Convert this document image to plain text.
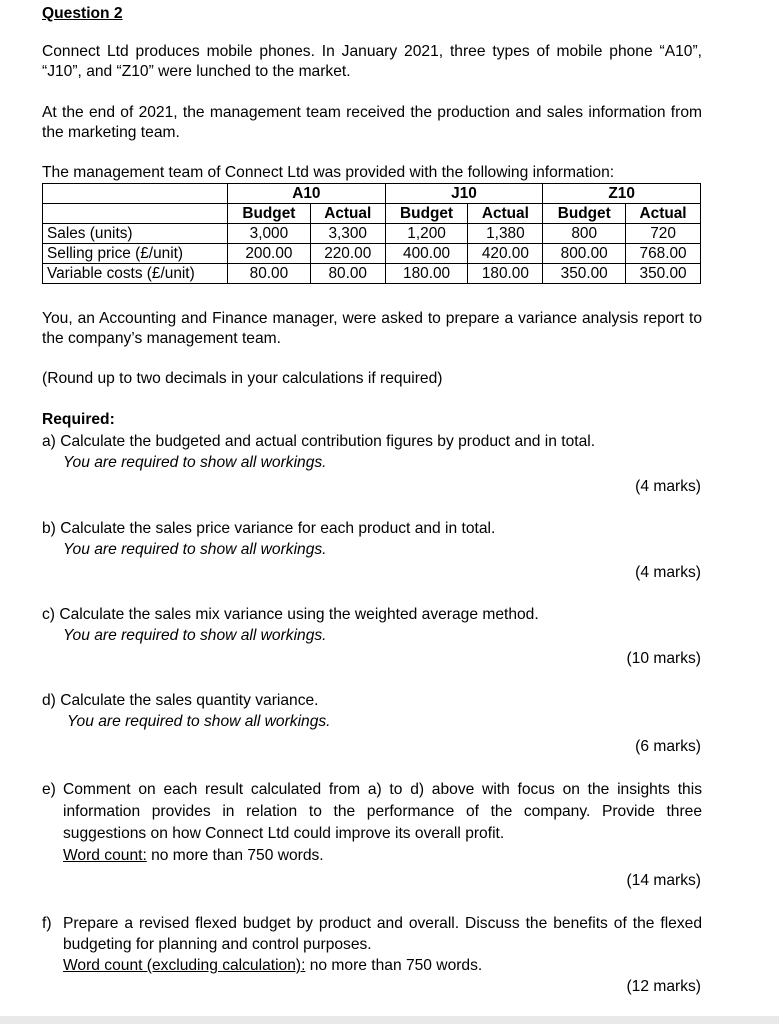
Question 2
Connect Ltd produces mobile phones. In January 2021, three types of mobile phone “A10”, “J10”, and “Z10” were lunched to the market.
At the end of 2021, the management team received the production and sales information from the marketing team.
The management team of Connect Ltd was provided with the following information:
	A10		J10		Z10	
	Budget	Actual	Budget	Actual	Budget	Actual
Sales (units)	3,000	3,300	1,200	1,380	800	720
Selling price (£/unit)	200.00	220.00	400.00	420.00	800.00	768.00
Variable costs (£/unit)	80.00	80.00	180.00	180.00	350.00	350.00
You, an Accounting and Finance manager, were asked to prepare a variance analysis report to the company’s management team.
(Round up to two decimals in your calculations if required)
Required:
a) Calculate the budgeted and actual contribution figures by product and in total.
You are required to show all workings.
(4 marks)
b) Calculate the sales price variance for each product and in total.
You are required to show all workings.
(4 marks)
c) Calculate the sales mix variance using the weighted average method.
You are required to show all workings.
(10 marks)
d) Calculate the sales quantity variance.
You are required to show all workings.
(6 marks)
e) Comment on each result calculated from a) to d) above with focus on the insights this information provides in relation to the performance of the company. Provide three suggestions on how Connect Ltd could improve its overall profit.
Word count: no more than 750 words.
(14 marks)
f) Prepare a revised flexed budget by product and overall. Discuss the benefits of the flexed budgeting for planning and control purposes.
Word count (excluding calculation): no more than 750 words.
(12 marks)
